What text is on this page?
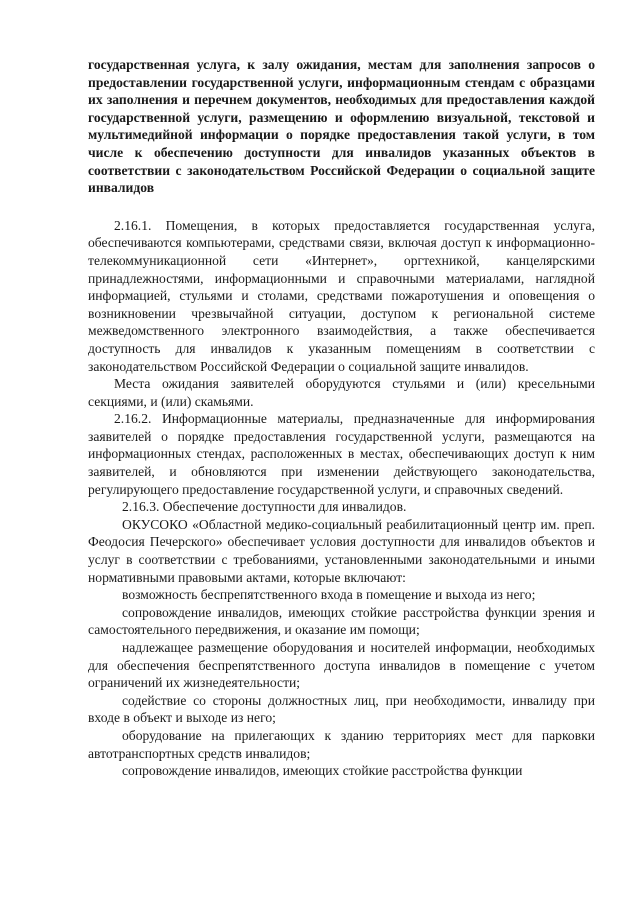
государственная услуга, к залу ожидания, местам для заполнения запросов о предоставлении государственной услуги, информационным стендам с образцами их заполнения и перечнем документов, необходимых для предоставления каждой государственной услуги, размещению и оформлению визуальной, текстовой и мультимедийной информации о порядке предоставления такой услуги, в том числе к обеспечению доступности для инвалидов указанных объектов в соответствии с законодательством Российской Федерации о социальной защите инвалидов

2.16.1. Помещения, в которых предоставляется государственная услуга, обеспечиваются компьютерами, средствами связи, включая доступ к информационно-телекоммуникационной сети «Интернет», оргтехникой, канцелярскими принадлежностями, информационными и справочными материалами, наглядной информацией, стульями и столами, средствами пожаротушения и оповещения о возникновении чрезвычайной ситуации, доступом к региональной системе межведомственного электронного взаимодействия, а также обеспечивается доступность для инвалидов к указанным помещениям в соответствии с законодательством Российской Федерации о социальной защите инвалидов.

Места ожидания заявителей оборудуются стульями и (или) кресельными секциями, и (или) скамьями.

2.16.2. Информационные материалы, предназначенные для информирования заявителей о порядке предоставления государственной услуги, размещаются на информационных стендах, расположенных в местах, обеспечивающих доступ к ним заявителей, и обновляются при изменении действующего законодательства, регулирующего предоставление государственной услуги, и справочных сведений.

2.16.3. Обеспечение доступности для инвалидов.

ОКУСОКО «Областной медико-социальный реабилитационный центр им. преп. Феодосия Печерского» обеспечивает условия доступности для инвалидов объектов и услуг в соответствии с требованиями, установленными законодательными и иными нормативными правовыми актами, которые включают:

возможность беспрепятственного входа в помещение и выхода из него;

сопровождение инвалидов, имеющих стойкие расстройства функции зрения и самостоятельного передвижения, и оказание им помощи;

надлежащее размещение оборудования и носителей информации, необходимых для обеспечения беспрепятственного доступа инвалидов в помещение с учетом ограничений их жизнедеятельности;

содействие со стороны должностных лиц, при необходимости, инвалиду при входе в объект и выходе из него;

оборудование на прилегающих к зданию территориях мест для парковки автотранспортных средств инвалидов;

сопровождение инвалидов, имеющих стойкие расстройства функции
